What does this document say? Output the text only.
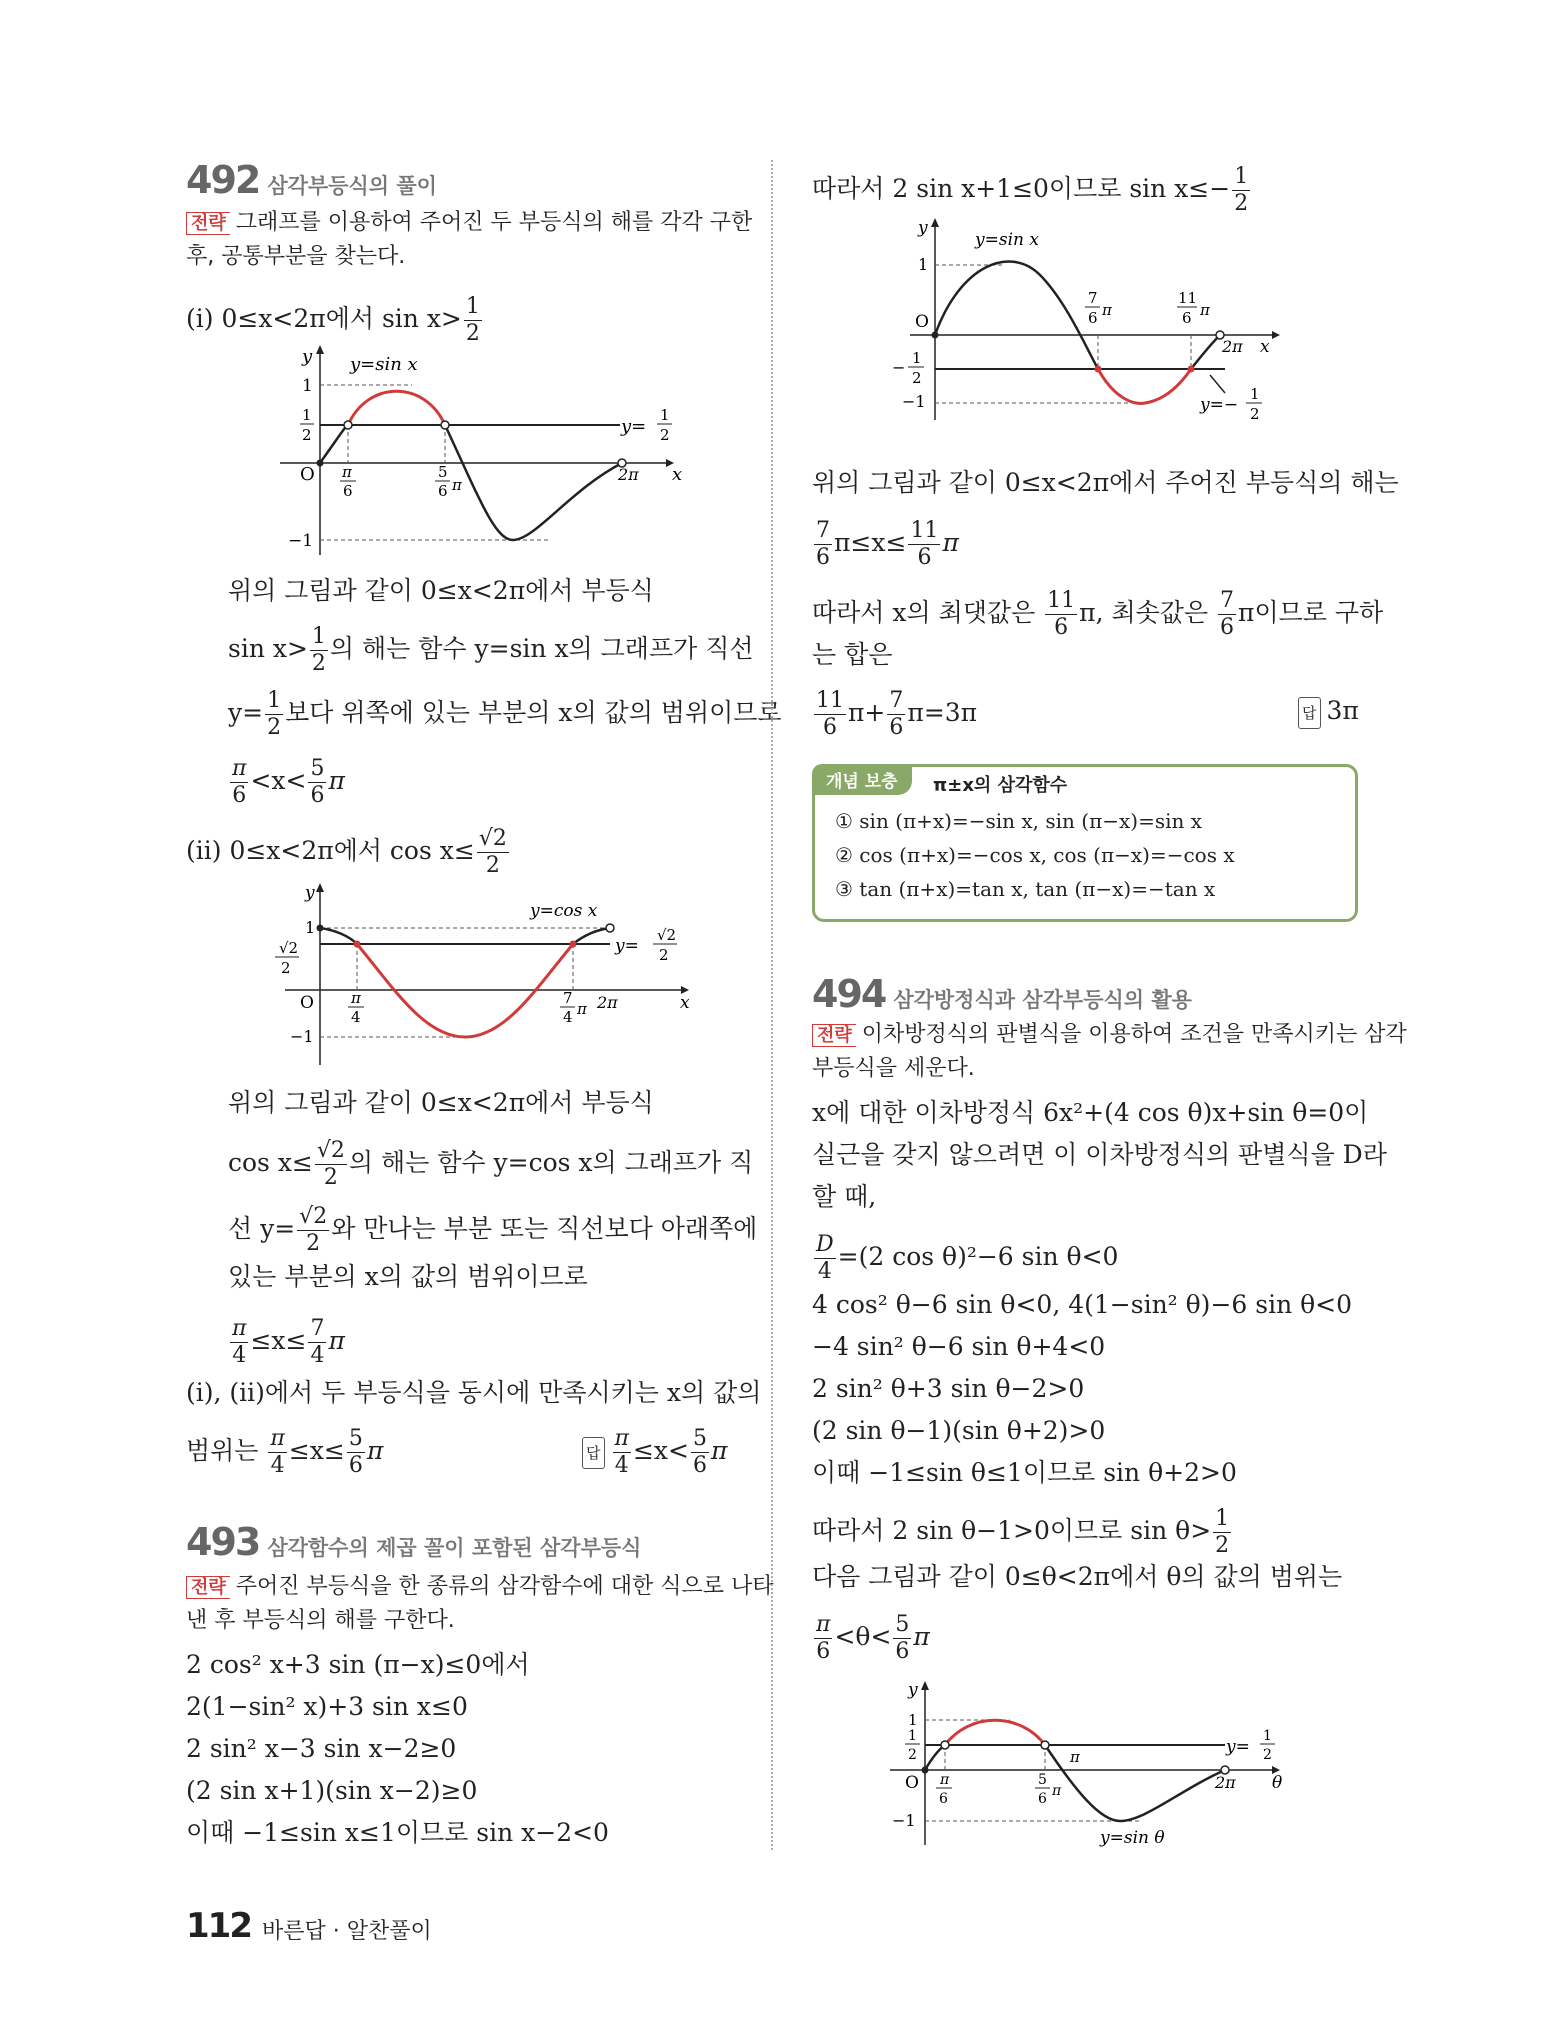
492 삼각부등식의 풀이
전략 그래프를 이용하여 주어진 두 부등식의 해를 각각 구한
후, 공통부분을 찾는다.
(i) 0≤x<2π에서 $\sin x> \frac{1}{2}$
y
x
O
1
1
2
−1
y=sin x
y=
1
2
π
6
5
6 π
2π
위의 그림과 같이 0≤x<2π에서 부등식
$\sin x> \frac{1}{2}$ 의 해는 함수 y=sin x의 그래프가 직선
$y= \frac{1}{2}$ 보다 위쪽에 있는 부분의 x의 값의 범위이므로
$\frac{\pi}{6} <x< \frac{5}{6}$ π
(ii) 0≤x<2π에서 $\cos x\le \frac{√2}{2}$
y
x
O
1
√2
2
−1
y=cos x
y=
√2
2
π
4
7
4 π 2π
위의 그림과 같이 0≤x<2π에서 부등식
$\cos x\le \frac{√2}{2}$ 의 해는 함수 y=cos x의 그래프가 직
선 $y= \frac{√2}{2}$ 와 만나는 부분 또는 직선보다 아래쪽에
있는 부분의 x의 값의 범위이므로
$\frac{\pi}{4} \le x\le \frac{7}{4}$ π
(i), (ii)에서 두 부등식을 동시에 만족시키는 x의 값의
범위는 $\frac{\pi}{4} \le x\le \frac{5}{6}$ π	답 $\frac{\pi}{4} \le x< \frac{5}{6}$ π
493 삼각함수의 제곱 꼴이 포함된 삼각부등식
전략 주어진 부등식을 한 종류의 삼각함수에 대한 식으로 나타
낸 후 부등식의 해를 구한다.
2 cos² x+3 sin (π−x)≤0에서
2(1−sin² x)+3 sin x≤0
2 sin² x−3 sin x−2≥0
(2 sin x+1)(sin x−2)≥0
이때 −1≤sin x≤1이므로 sin x−2<0
따라서 2 sin x+1≤0이므로 $\sin x\le- \frac{1}{2}$
y
x
O
1
− 1
2
−1
y=sin x
7
6 π
11
6 π
2π
y=−
1
2
위의 그림과 같이 0≤x<2π에서 주어진 부등식의 해는
$\frac{7}{6} \pi\le x\le \frac{11}{6}$ π
따라서 x의 최댓값은 $\frac{11}{6} \pi$, 최솟값은 $\frac{7}{6}$ π이므로 구하
는 합은
$\frac{11}{6} \pi+ \frac{7}{6} \pi=3\pi$	답 3π
개념 보충	π±x의 삼각함수
① sin (π+x)=−sin x, sin (π−x)=sin x
② cos (π+x)=−cos x, cos (π−x)=−cos x
③ tan (π+x)=tan x, tan (π−x)=−tan x
494 삼각방정식과 삼각부등식의 활용
전략 이차방정식의 판별식을 이용하여 조건을 만족시키는 삼각
부등식을 세운다.
x에 대한 이차방정식 6x²+(4 cos θ)x+sin θ=0이
실근을 갖지 않으려면 이 이차방정식의 판별식을 D라
할 때,
$\frac{D}{4} =(2$ cos θ)²−6 sin θ<0
4 cos² θ−6 sin θ<0, 4(1−sin² θ)−6 sin θ<0
−4 sin² θ−6 sin θ+4<0
2 sin² θ+3 sin θ−2>0
(2 sin θ−1)(sin θ+2)>0
이때 −1≤sin θ≤1이므로 sin θ+2>0
따라서 2 sin θ−1>0이므로 $\sin \theta> \frac{1}{2}$
다음 그림과 같이 0≤θ<2π에서 θ의 값의 범위는
$\frac{\pi}{6} <\theta< \frac{5}{6}$ π
y
θ
O
1
1
2
−1
π
6
5
6 π
π
2π
y=
1
2
y=sin θ
112 바른답 · 알찬풀이
